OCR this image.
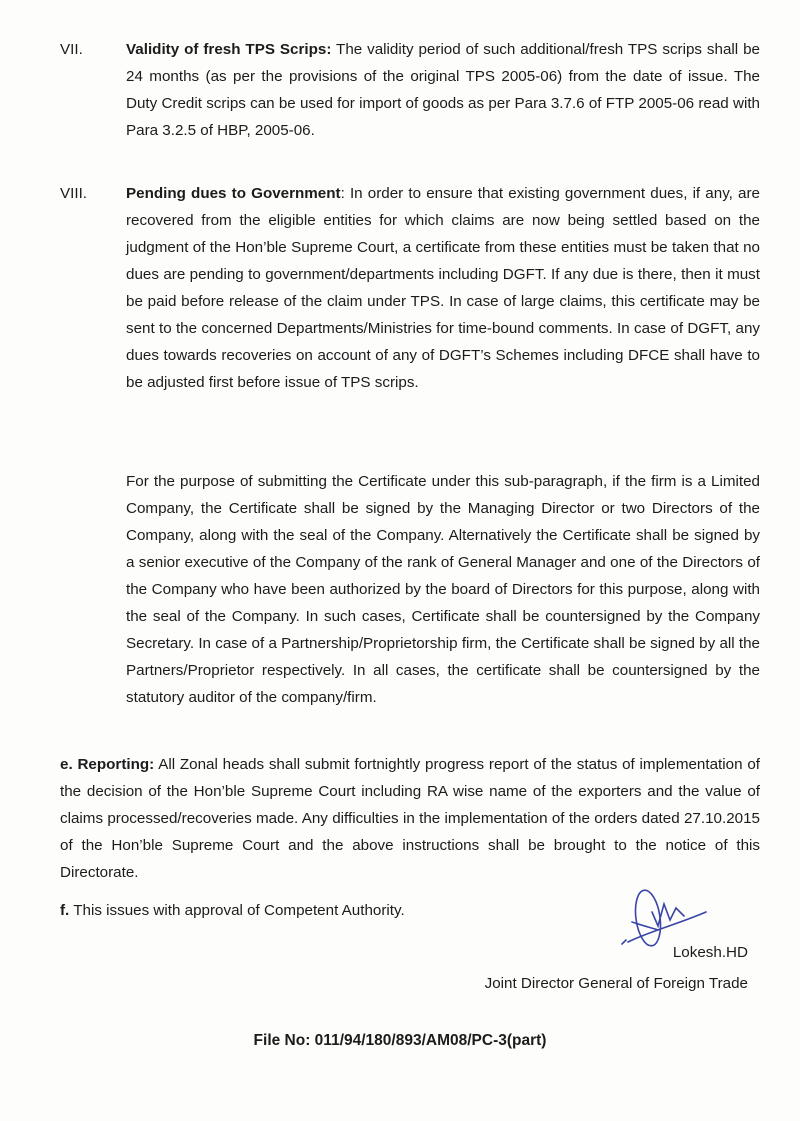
VII.	Validity of fresh TPS Scrips: The validity period of such additional/fresh TPS scrips shall be 24 months (as per the provisions of the original TPS 2005-06) from the date of issue. The Duty Credit scrips can be used for import of goods as per Para 3.7.6 of FTP 2005-06 read with Para 3.2.5 of HBP, 2005-06.
VIII.	Pending dues to Government: In order to ensure that existing government dues, if any, are recovered from the eligible entities for which claims are now being settled based on the judgment of the Hon’ble Supreme Court, a certificate from these entities must be taken that no dues are pending to government/departments including DGFT. If any due is there, then it must be paid before release of the claim under TPS. In case of large claims, this certificate may be sent to the concerned Departments/Ministries for time-bound comments. In case of DGFT, any dues towards recoveries on account of any of DGFT’s Schemes including DFCE shall have to be adjusted first before issue of TPS scrips.
For the purpose of submitting the Certificate under this sub-paragraph, if the firm is a Limited Company, the Certificate shall be signed by the Managing Director or two Directors of the Company, along with the seal of the Company. Alternatively the Certificate shall be signed by a senior executive of the Company of the rank of General Manager and one of the Directors of the Company who have been authorized by the board of Directors for this purpose, along with the seal of the Company. In such cases, Certificate shall be countersigned by the Company Secretary. In case of a Partnership/Proprietorship firm, the Certificate shall be signed by all the Partners/Proprietor respectively. In all cases, the certificate shall be countersigned by the statutory auditor of the company/firm.
e. Reporting: All Zonal heads shall submit fortnightly progress report of the status of implementation of the decision of the Hon’ble Supreme Court including RA wise name of the exporters and the value of claims processed/recoveries made. Any difficulties in the implementation of the orders dated 27.10.2015 of the Hon’ble Supreme Court and the above instructions shall be brought to the notice of this Directorate.
f. This issues with approval of Competent Authority.
Lokesh.HD
Joint Director General of Foreign Trade
File No: 011/94/180/893/AM08/PC-3(part)
